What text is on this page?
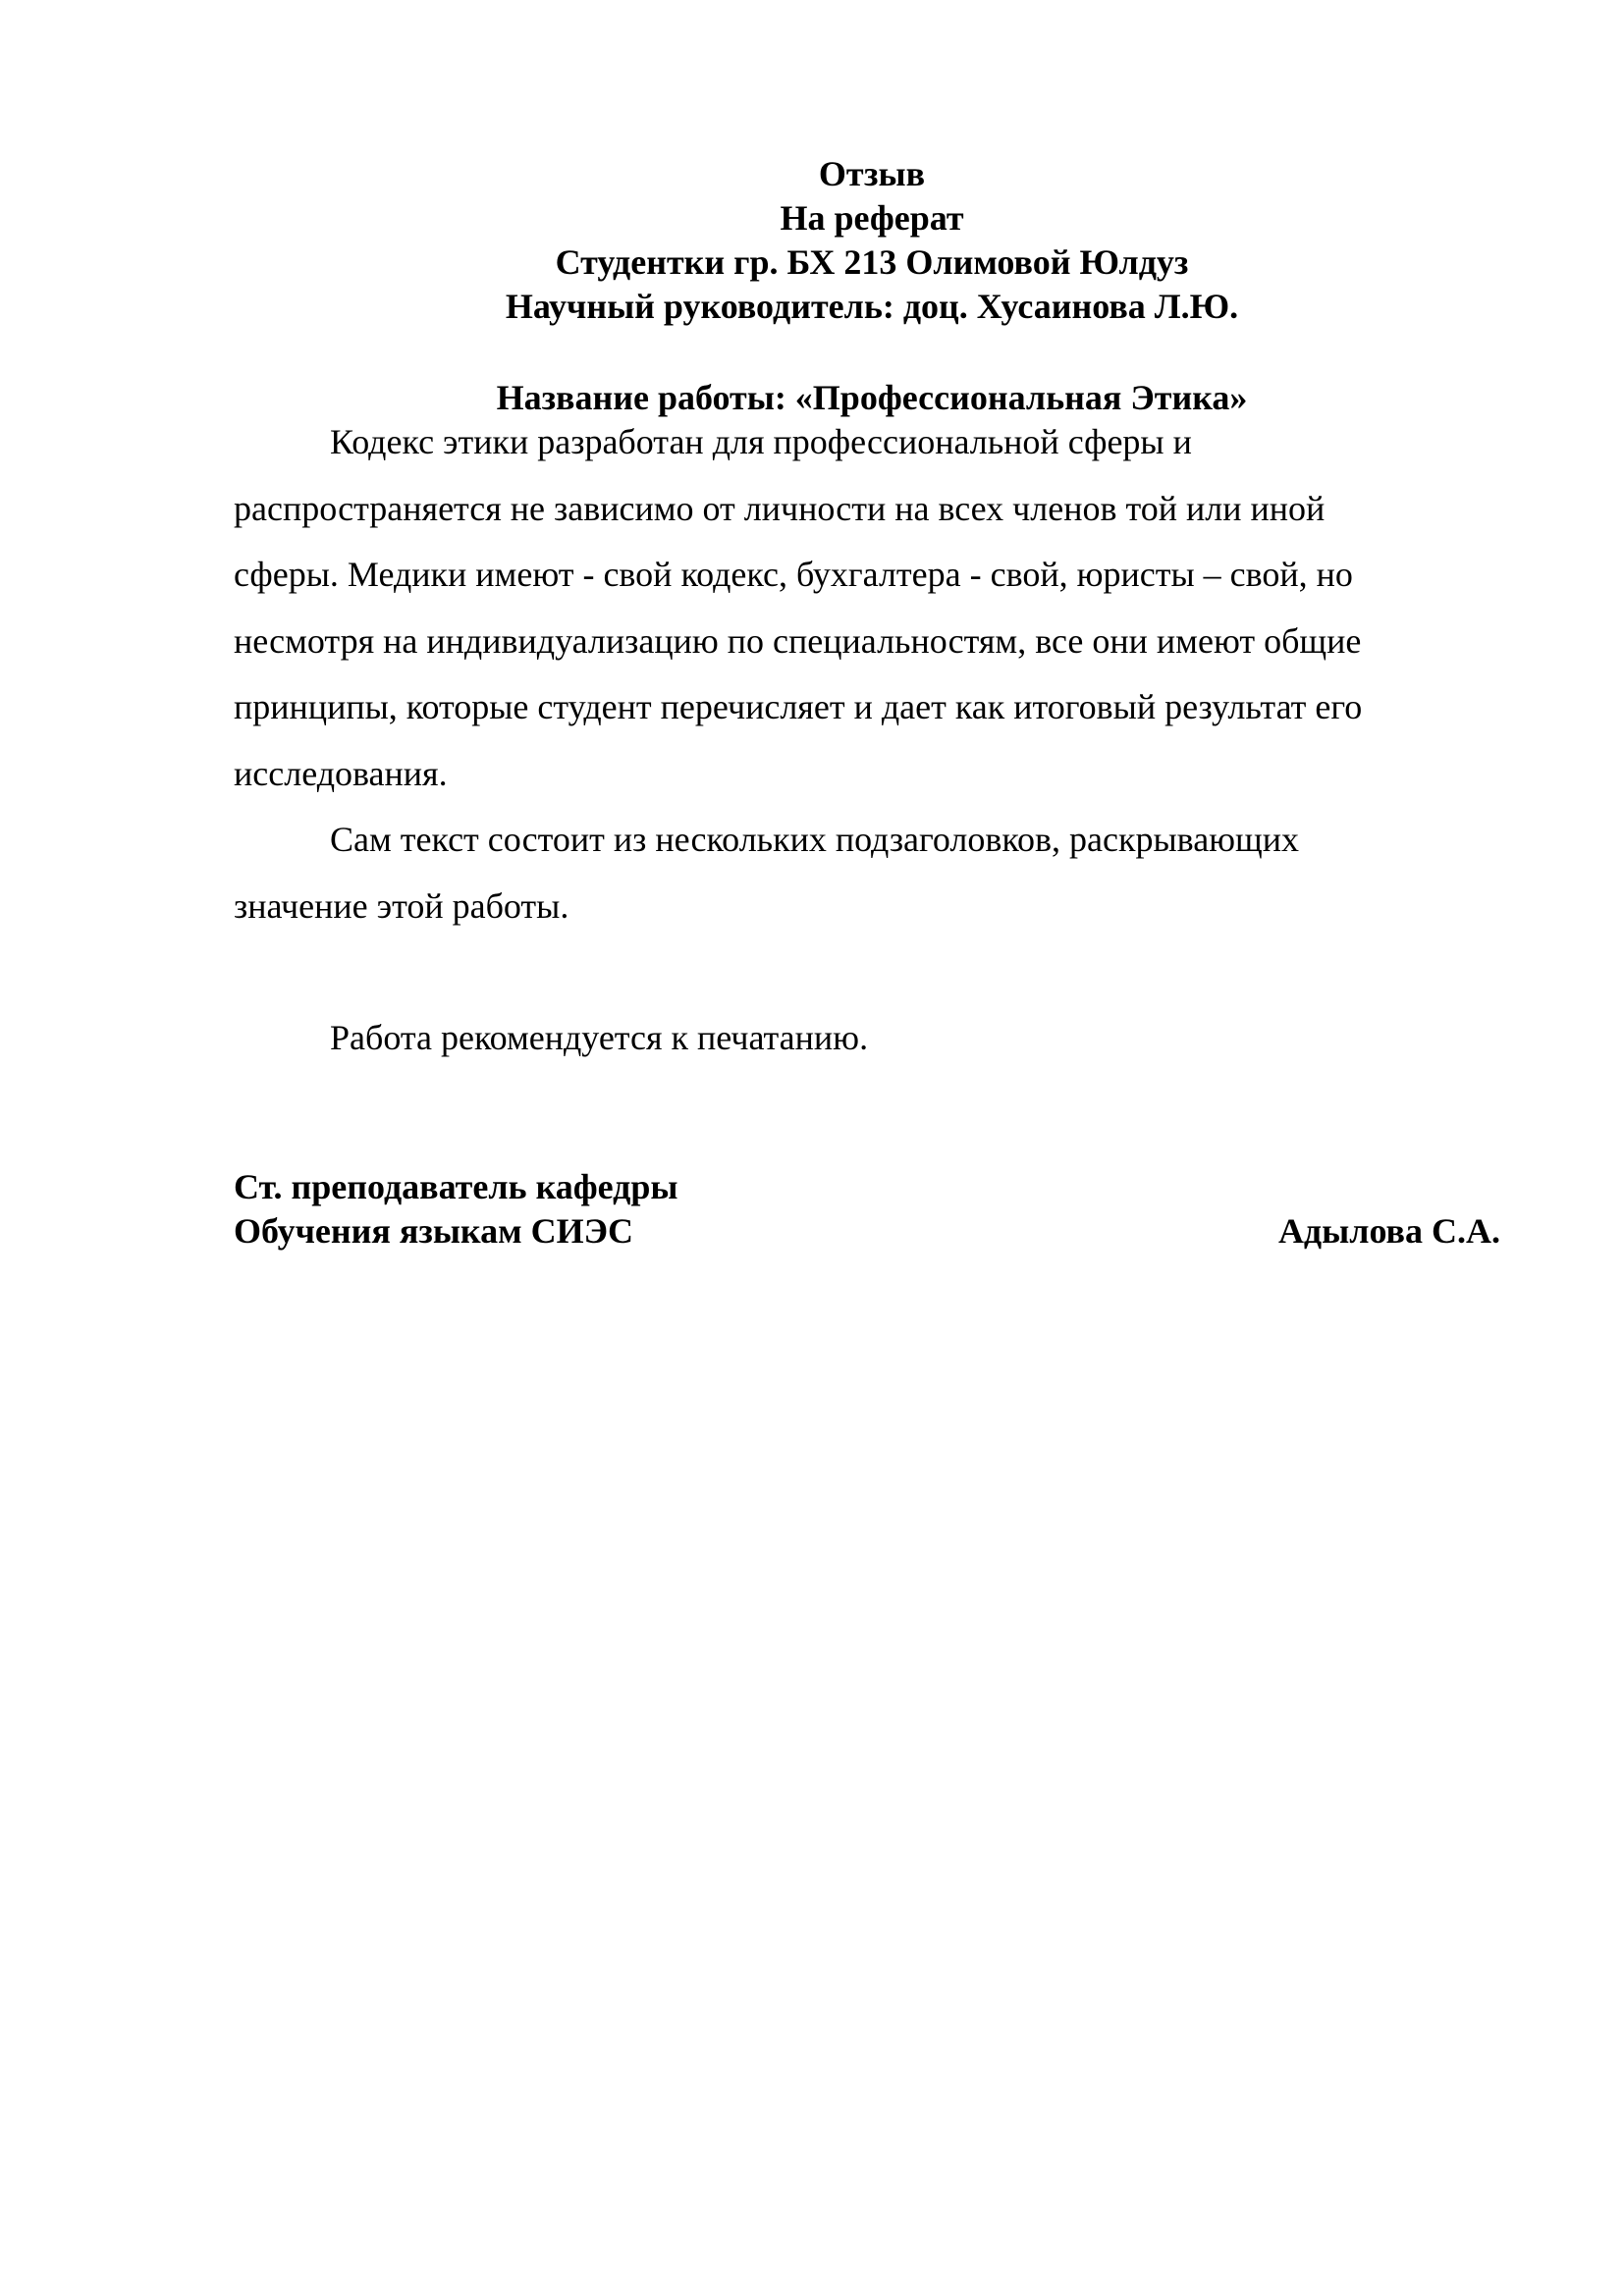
Отзыв
На реферат
Студентки гр. БХ 213 Олимовой Юлдуз
Научный руководитель: доц. Хусаинова Л.Ю.
Название работы: «Профессиональная Этика»
Кодекс этики разработан для профессиональной сферы и
распространяется не зависимо от личности на всех членов той или иной
сферы. Медики имеют - свой кодекс, бухгалтера - свой, юристы – свой, но
несмотря на индивидуализацию по специальностям, все они имеют общие
принципы, которые студент перечисляет и дает как итоговый результат его
исследования.
Сам текст состоит из нескольких подзаголовков, раскрывающих
значение этой работы.
Работа рекомендуется к печатанию.
Ст. преподаватель кафедры
Обучения языкам СИЭС	Адылова С.А.
